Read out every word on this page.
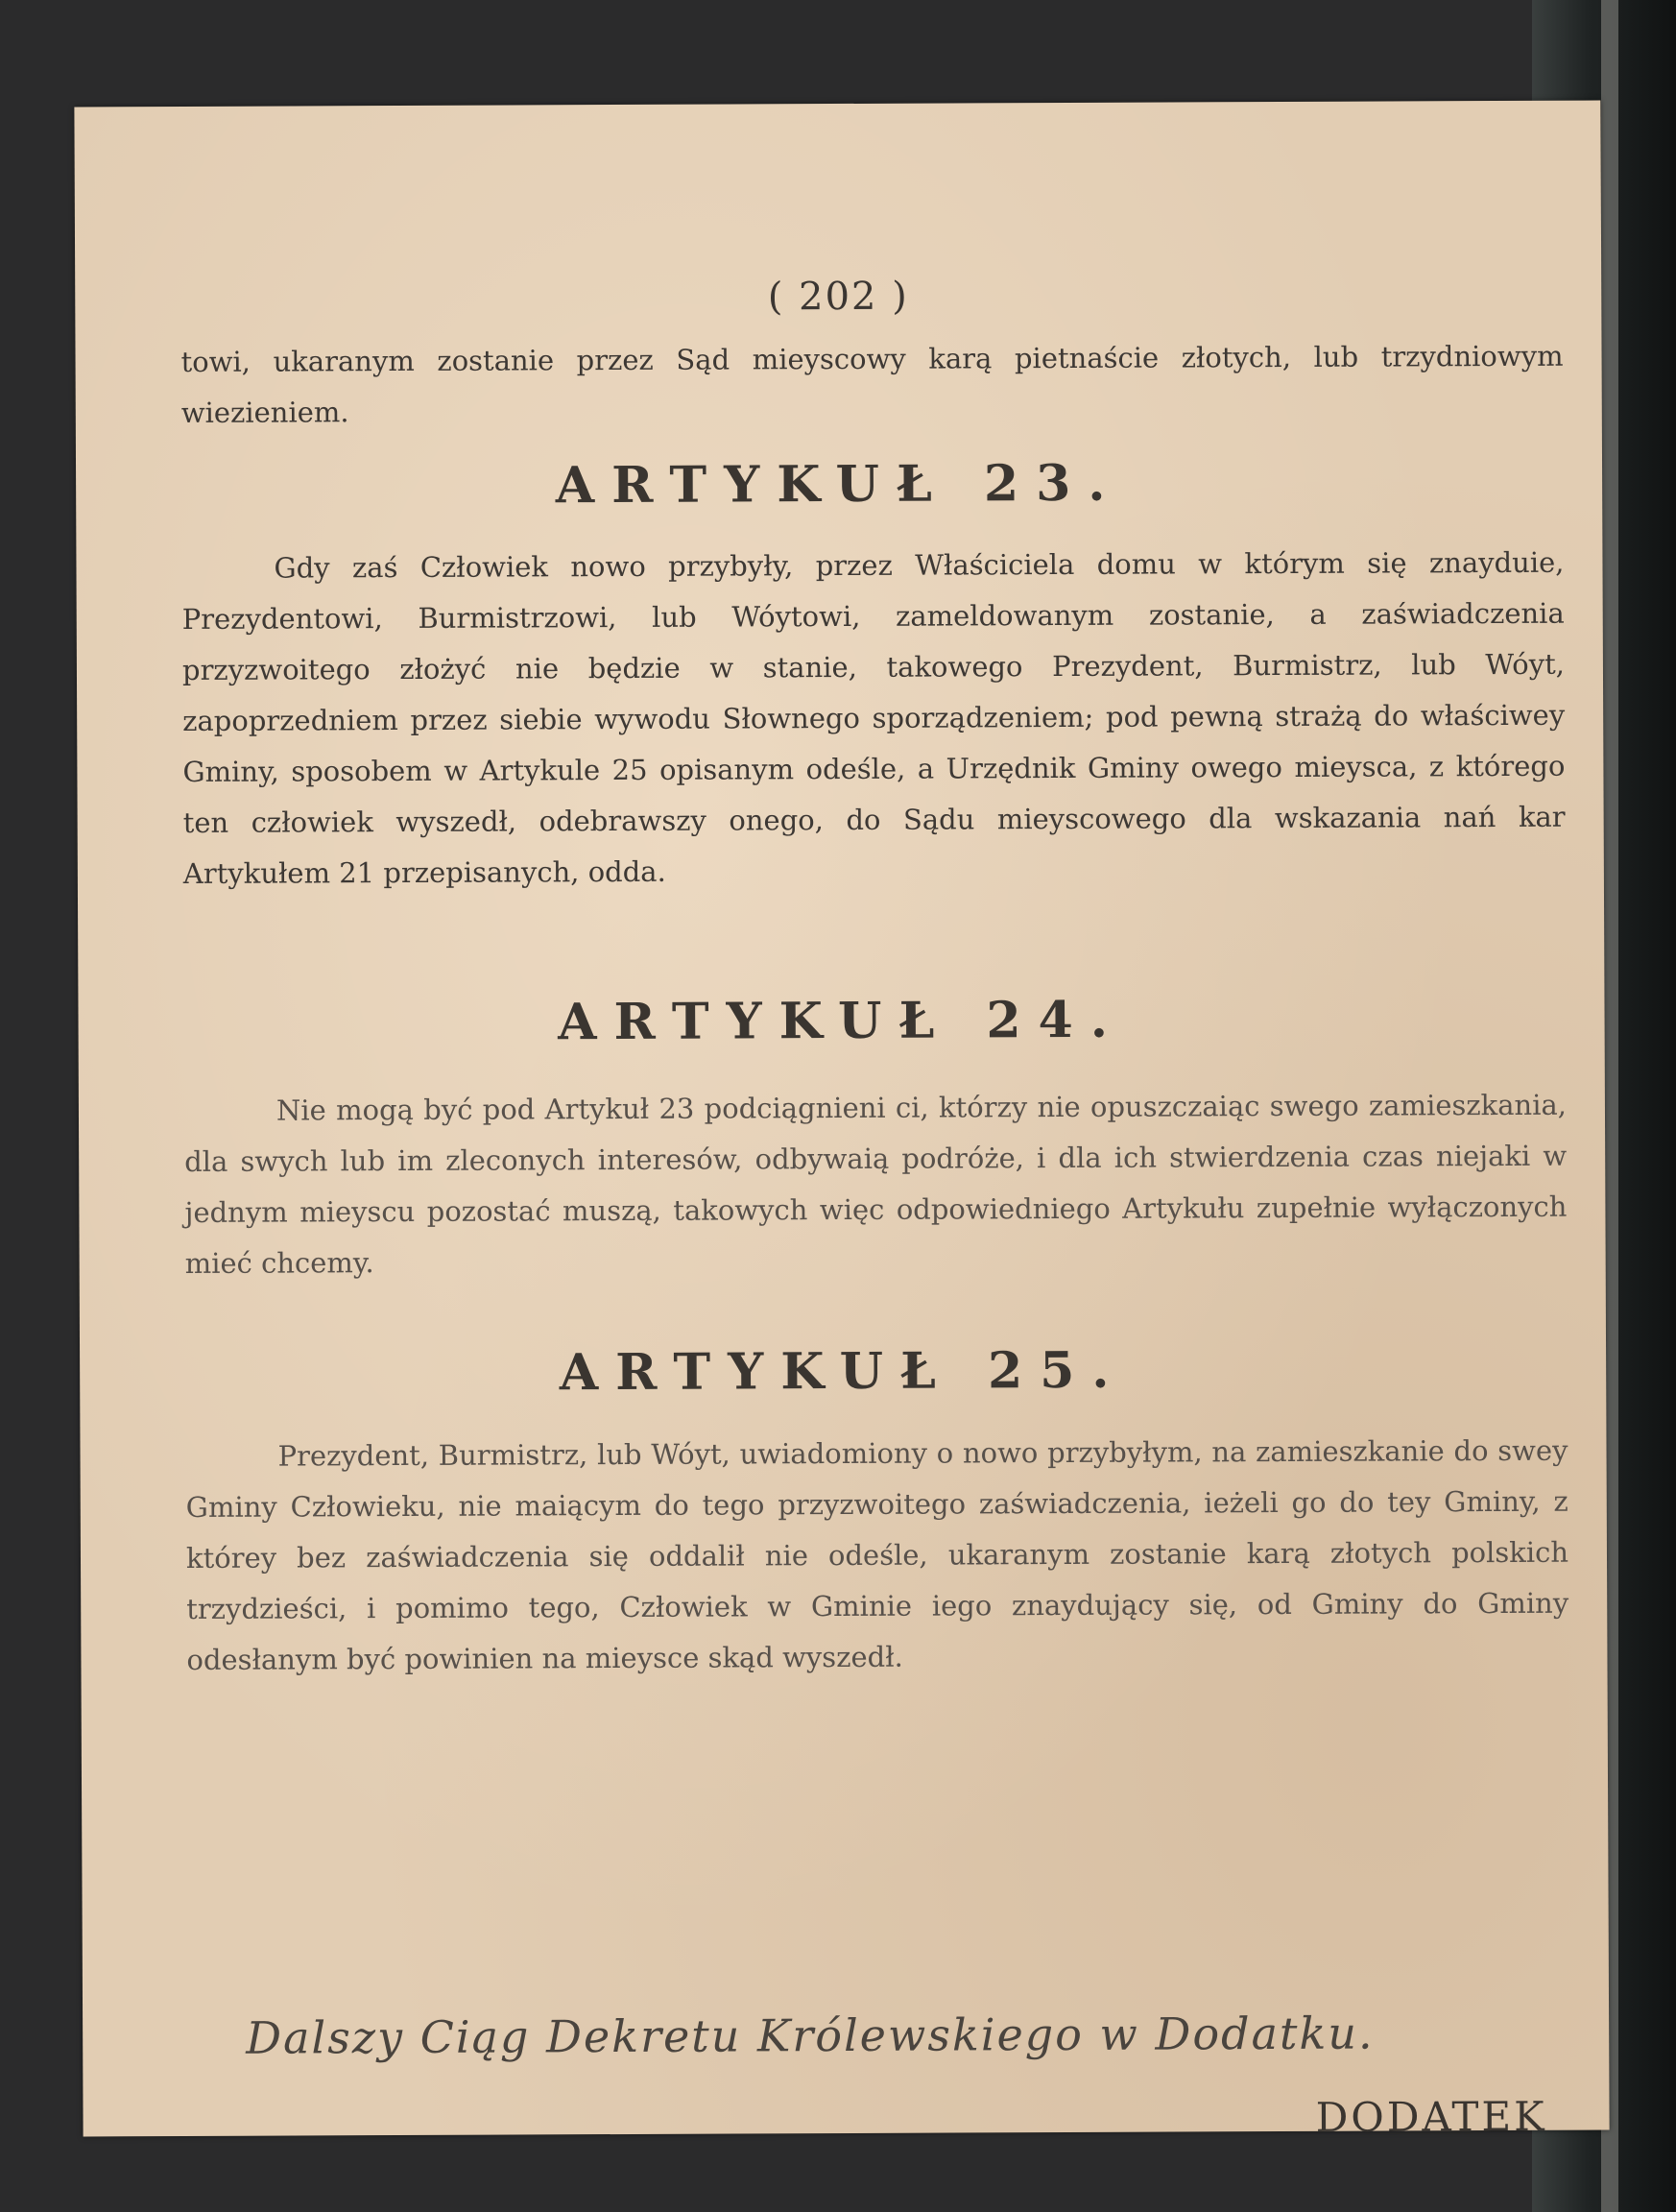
( 202 )

towi, ukaranym zostanie przez Sąd mieyscowy karą pietnaście złotych, lub trzydniowym wiezieniem.

ARTYKUŁ 23.

Gdy zaś Człowiek nowo przybyły, przez Właściciela domu w którym się znayduie, Prezydentowi, Burmistrzowi, lub Wóytowi, zameldowanym zostanie, a zaświadczenia przyzwoitego złożyć nie będzie w stanie, takowego Prezydent, Burmistrz, lub Wóyt, zapoprzedniem przez siebie wywodu Słownego sporządzeniem; pod pewną strażą do właściwey Gminy, sposobem w Artykule 25 opisanym odeśle, a Urzędnik Gminy owego mieysca, z którego ten człowiek wyszedł, odebrawszy onego, do Sądu mieyscowego dla wskazania nań kar Artykułem 21 przepisanych, odda.

ARTYKUŁ 24.

Nie mogą być pod Artykuł 23 podciągnieni ci, którzy nie opuszczaiąc swego zamieszkania, dla swych lub im zleconych interesów, odbywaią podróże, i dla ich stwierdzenia czas niejaki w jednym mieyscu pozostać muszą, takowych więc odpowiedniego Artykułu zupełnie wyłączonych mieć chcemy.

ARTYKUŁ 25.

Prezydent, Burmistrz, lub Wóyt, uwiadomiony o nowo przybyłym, na zamieszkanie do swey Gminy Człowieku, nie maiącym do tego przyzwoitego zaświadczenia, ieżeli go do tey Gminy, z którey bez zaświadczenia się oddalił nie odeśle, ukaranym zostanie karą złotych polskich trzydzieści, i pomimo tego, Człowiek w Gminie iego znaydujący się, od Gminy do Gminy odesłanym być powinien na mieysce skąd wyszedł.

Dalszy Ciąg Dekretu Królewskiego w Dodatku.
DODATEK
